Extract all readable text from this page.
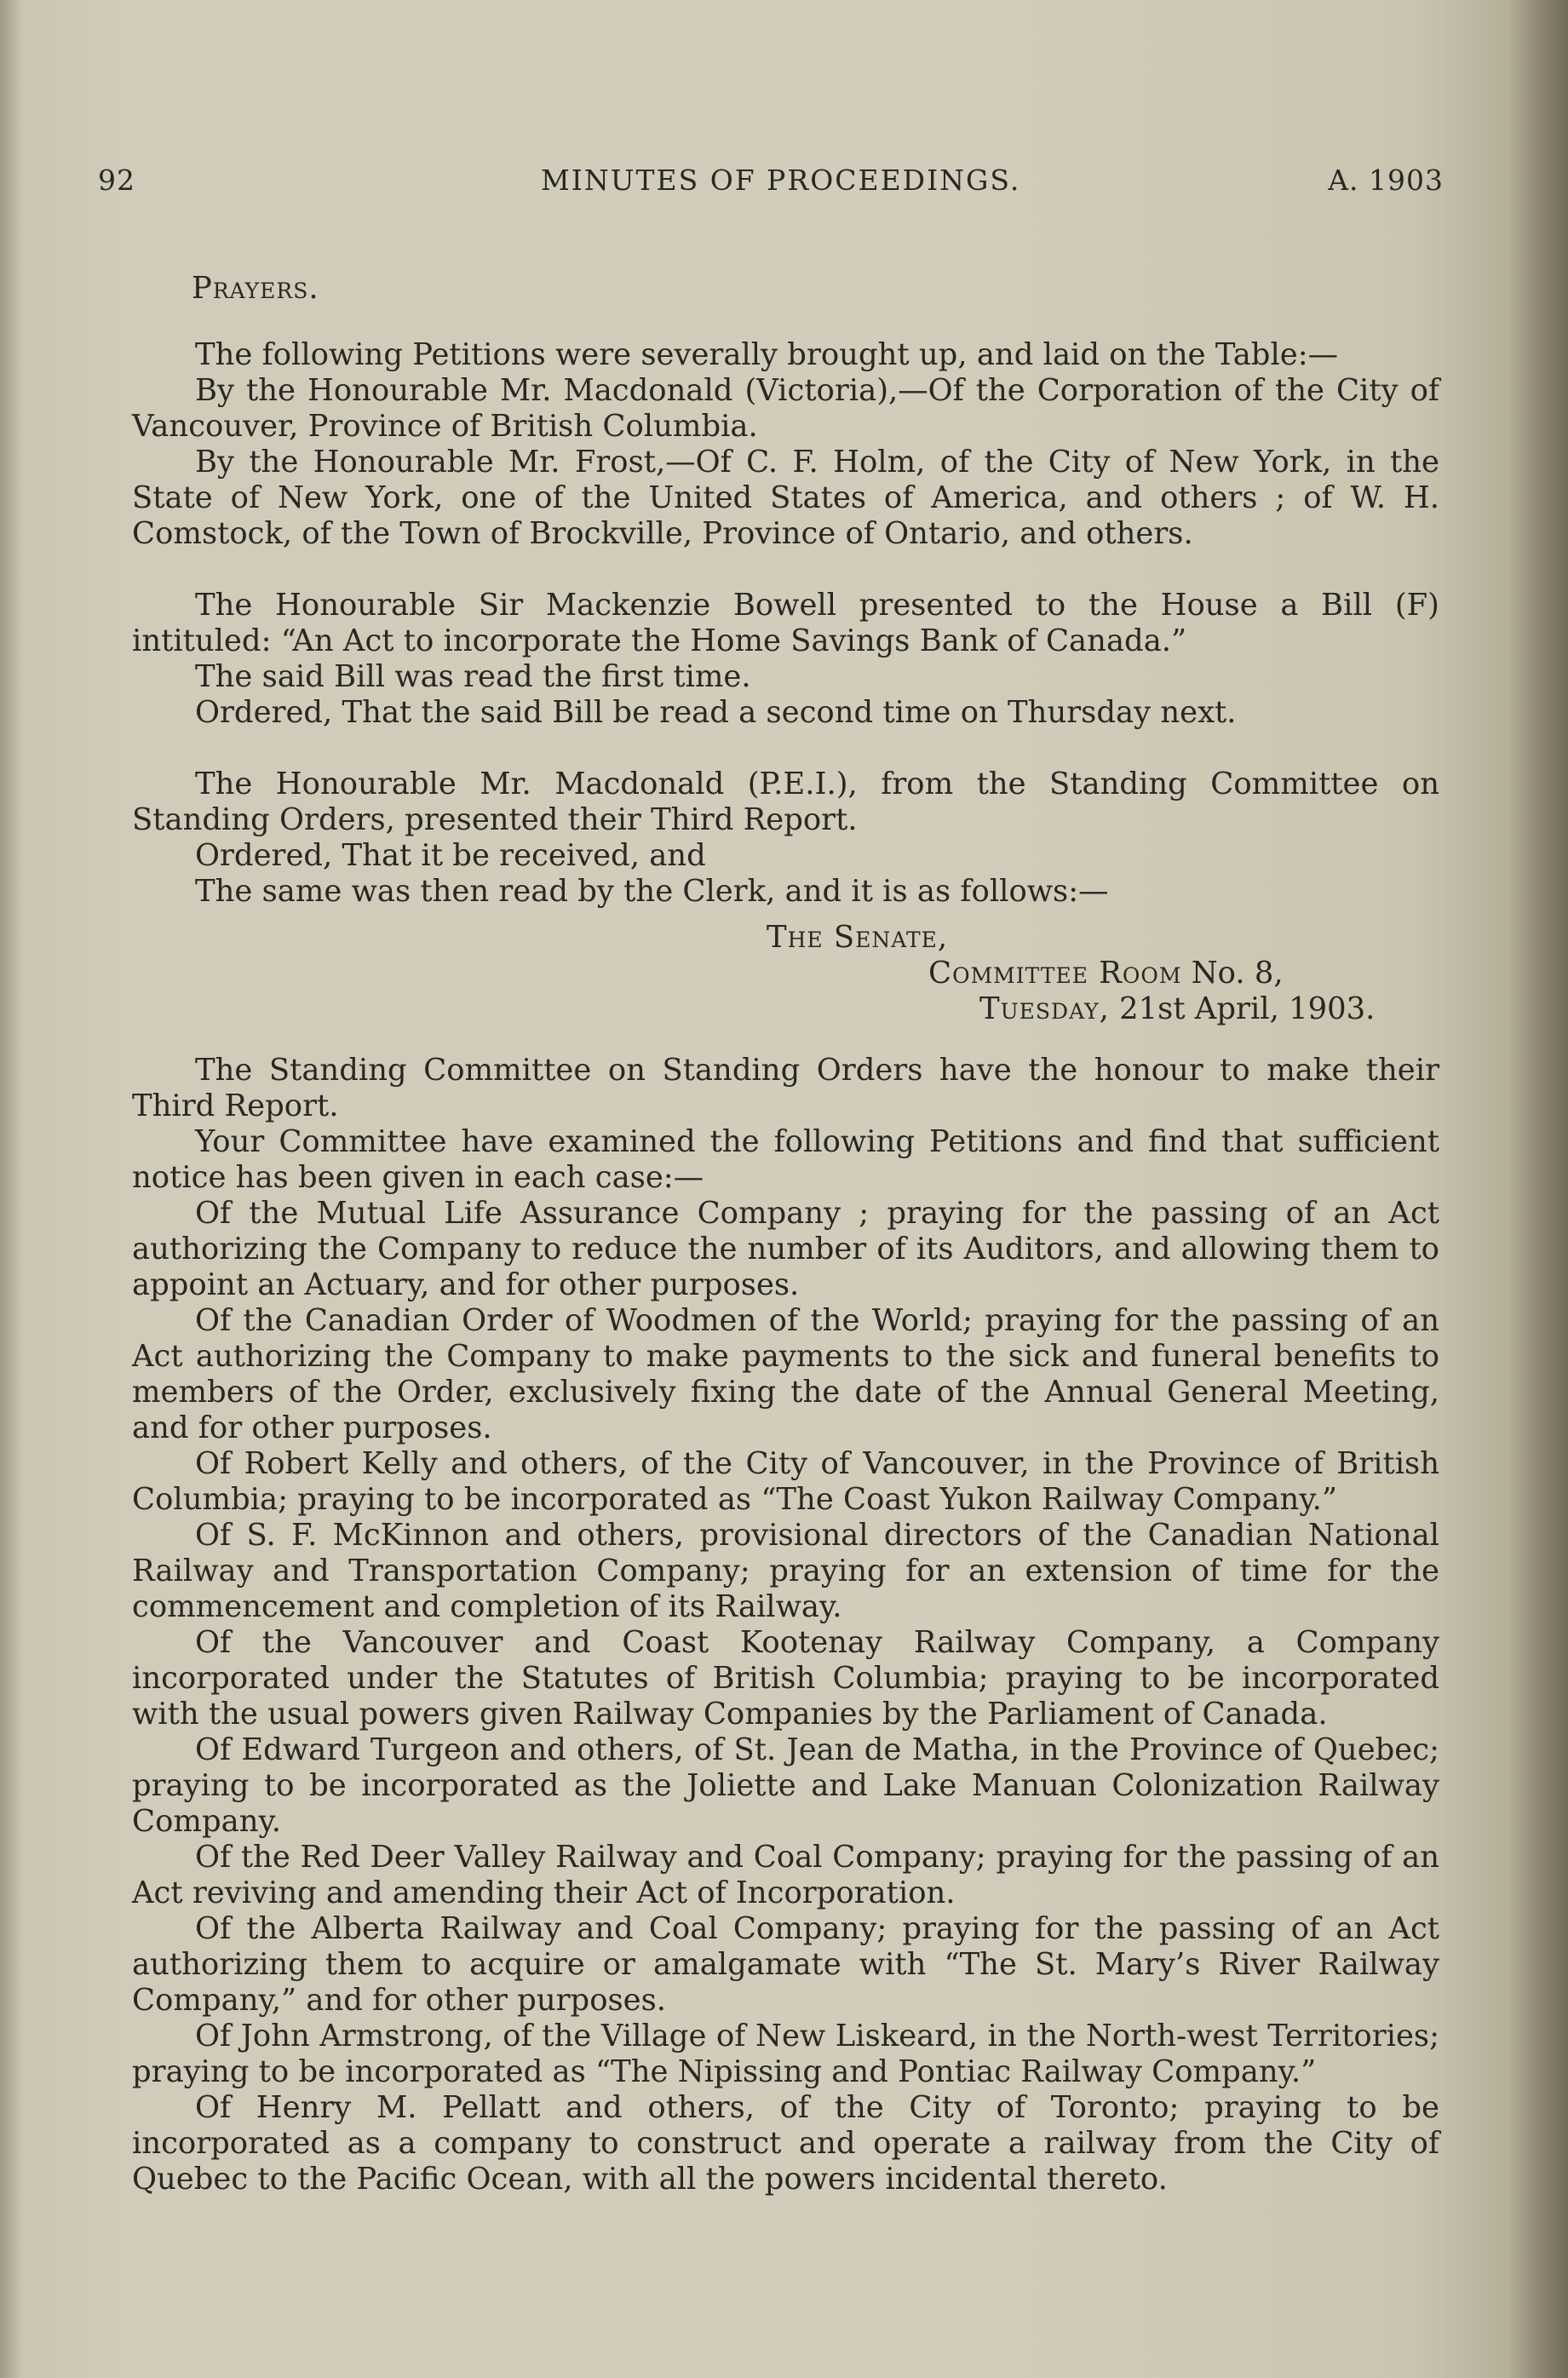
92	MINUTES OF PROCEEDINGS.	A. 1903
Prayers.

The following Petitions were severally brought up, and laid on the Table:—

By the Honourable Mr. Macdonald (Victoria),—Of the Corporation of the City of Vancouver, Province of British Columbia.

By the Honourable Mr. Frost,—Of C. F. Holm, of the City of New York, in the State of New York, one of the United States of America, and others ; of W. H. Comstock, of the Town of Brockville, Province of Ontario, and others.

The Honourable Sir Mackenzie Bowell presented to the House a Bill (F) intituled: “An Act to incorporate the Home Savings Bank of Canada.”

The said Bill was read the first time.

Ordered, That the said Bill be read a second time on Thursday next.

The Honourable Mr. Macdonald (P.E.I.), from the Standing Committee on Standing Orders, presented their Third Report.

Ordered, That it be received, and

The same was then read by the Clerk, and it is as follows:—

The Senate,
Committee Room No. 8,
Tuesday, 21st April, 1903.

The Standing Committee on Standing Orders have the honour to make their Third Report.

Your Committee have examined the following Petitions and find that sufficient notice has been given in each case:—

Of the Mutual Life Assurance Company ; praying for the passing of an Act authorizing the Company to reduce the number of its Auditors, and allowing them to appoint an Actuary, and for other purposes.

Of the Canadian Order of Woodmen of the World; praying for the passing of an Act authorizing the Company to make payments to the sick and funeral benefits to members of the Order, exclusively fixing the date of the Annual General Meeting, and for other purposes.

Of Robert Kelly and others, of the City of Vancouver, in the Province of British Columbia; praying to be incorporated as “The Coast Yukon Railway Company.”

Of S. F. McKinnon and others, provisional directors of the Canadian National Railway and Transportation Company; praying for an extension of time for the commencement and completion of its Railway.

Of the Vancouver and Coast Kootenay Railway Company, a Company incorporated under the Statutes of British Columbia; praying to be incorporated with the usual powers given Railway Companies by the Parliament of Canada.

Of Edward Turgeon and others, of St. Jean de Matha, in the Province of Quebec; praying to be incorporated as the Joliette and Lake Manuan Colonization Railway Company.

Of the Red Deer Valley Railway and Coal Company; praying for the passing of an Act reviving and amending their Act of Incorporation.

Of the Alberta Railway and Coal Company; praying for the passing of an Act authorizing them to acquire or amalgamate with “The St. Mary’s River Railway Company,” and for other purposes.

Of John Armstrong, of the Village of New Liskeard, in the North-west Territories; praying to be incorporated as “The Nipissing and Pontiac Railway Company.”

Of Henry M. Pellatt and others, of the City of Toronto; praying to be incorporated as a company to construct and operate a railway from the City of Quebec to the Pacific Ocean, with all the powers incidental thereto.
